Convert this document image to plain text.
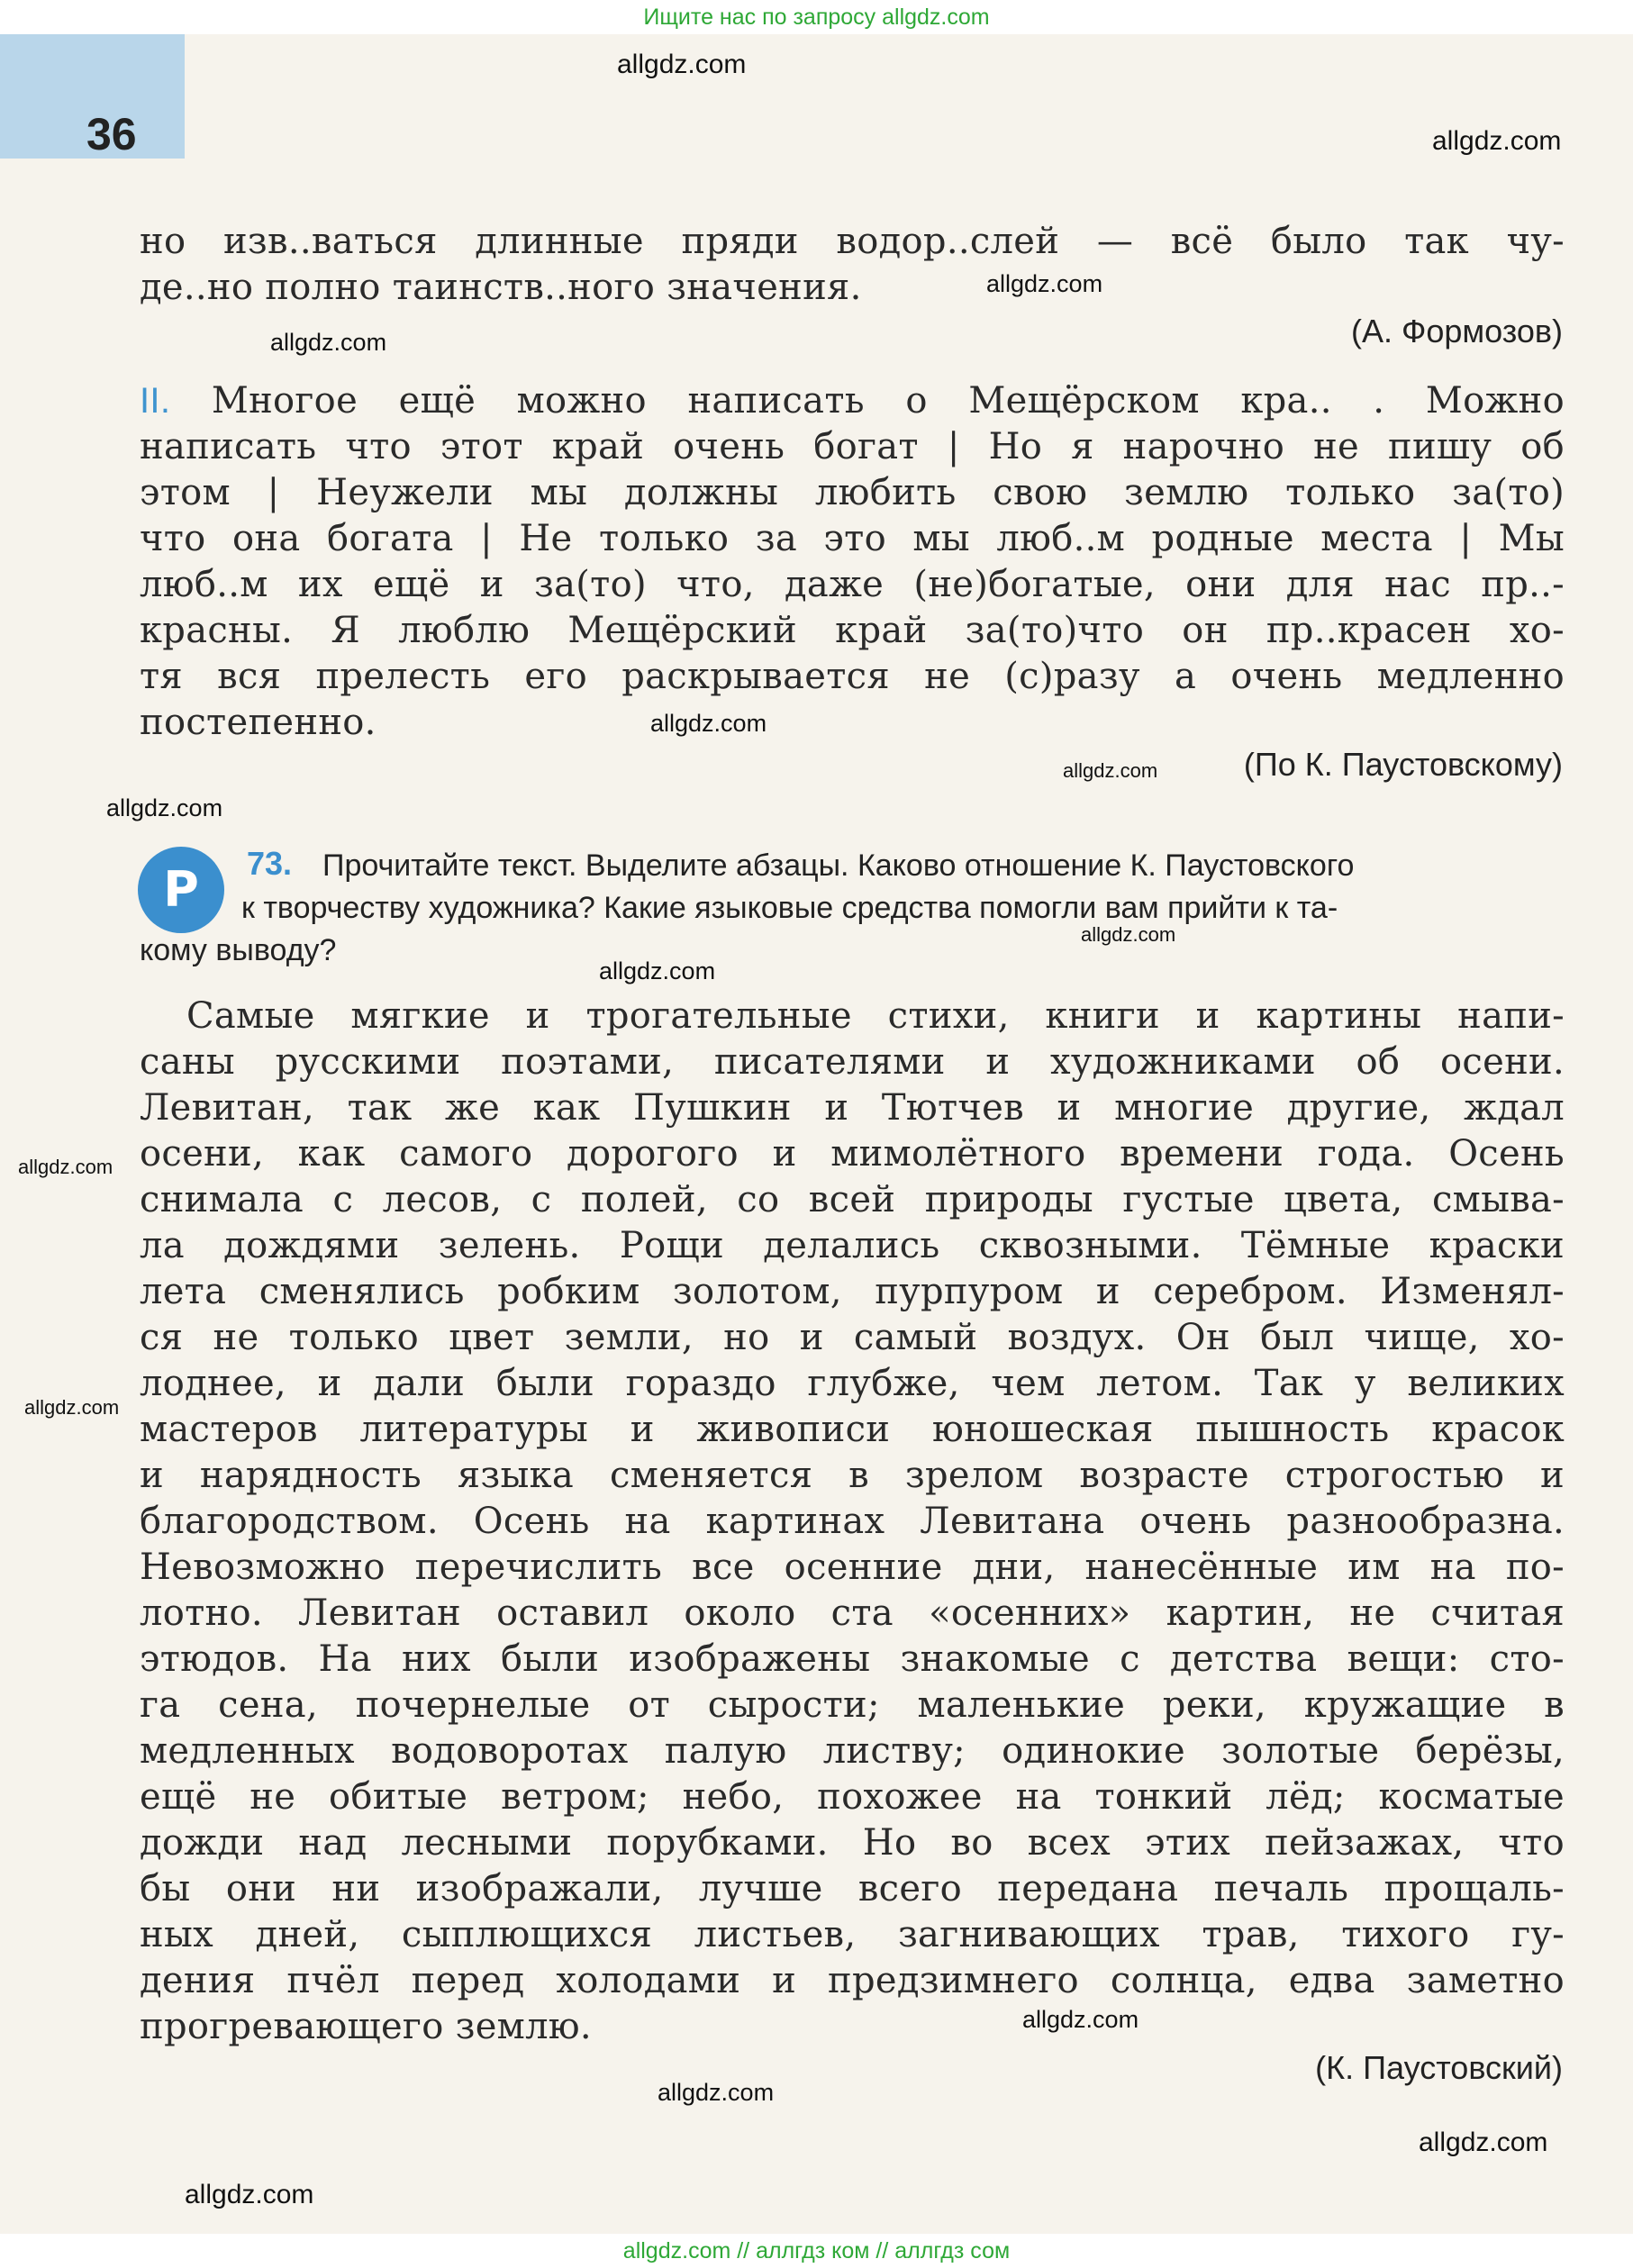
Ищите нас по запросу allgdz.com
36
allgdz.com
allgdz.com
allgdz.com
allgdz.com
allgdz.com
allgdz.com
allgdz.com
allgdz.com
allgdz.com
allgdz.com
allgdz.com
allgdz.com
allgdz.com
allgdz.com
allgdz.com
но изв..ваться длинные пряди водор..слей — всё было так чу-
де..но полно таинств..ного значения.
(А. Формозов)
II. Многое ещё можно написать о Мещёрском кра.. . Можно
написать что этот край очень богат | Но я нарочно не пишу об
этом | Неужели мы должны любить свою землю только за(то)
что она богата | Не только за это мы люб..м родные места | Мы
люб..м их ещё и за(то) что, даже (не)богатые, они для нас пр..-
красны. Я люблю Мещёрский край за(то)что он пр..красен хо-
тя вся прелесть его раскрывается не (с)разу а очень медленно
постепенно.
(По К. Паустовскому)
Р	73. Прочитайте текст. Выделите абзацы. Каково отношение К. Паустовского
к творчеству художника? Какие языковые средства помогли вам прийти к та-
кому выводу?
Самые мягкие и трогательные стихи, книги и картины напи-
саны русскими поэтами, писателями и художниками об осени.
Левитан, так же как Пушкин и Тютчев и многие другие, ждал
осени, как самого дорогого и мимолётного времени года. Осень
снимала с лесов, с полей, со всей природы густые цвета, смыва-
ла дождями зелень. Рощи делались сквозными. Тёмные краски
лета сменялись робким золотом, пурпуром и серебром. Изменял-
ся не только цвет земли, но и самый воздух. Он был чище, хо-
лоднее, и дали были гораздо глубже, чем летом. Так у великих
мастеров литературы и живописи юношеская пышность красок
и нарядность языка сменяется в зрелом возрасте строгостью и
благородством. Осень на картинах Левитана очень разнообразна.
Невозможно перечислить все осенние дни, нанесённые им на по-
лотно. Левитан оставил около ста «осенних» картин, не считая
этюдов. На них были изображены знакомые с детства вещи: сто-
га сена, почернелые от сырости; маленькие реки, кружащие в
медленных водоворотах палую листву; одинокие золотые берёзы,
ещё не обитые ветром; небо, похожее на тонкий лёд; косматые
дожди над лесными порубками. Но во всех этих пейзажах, что
бы они ни изображали, лучше всего передана печаль прощаль-
ных дней, сыплющихся листьев, загнивающих трав, тихого гу-
дения пчёл перед холодами и предзимнего солнца, едва заметно
прогревающего землю.
(К. Паустовский)
allgdz.com // аллгдз ком // аллгдз сом
